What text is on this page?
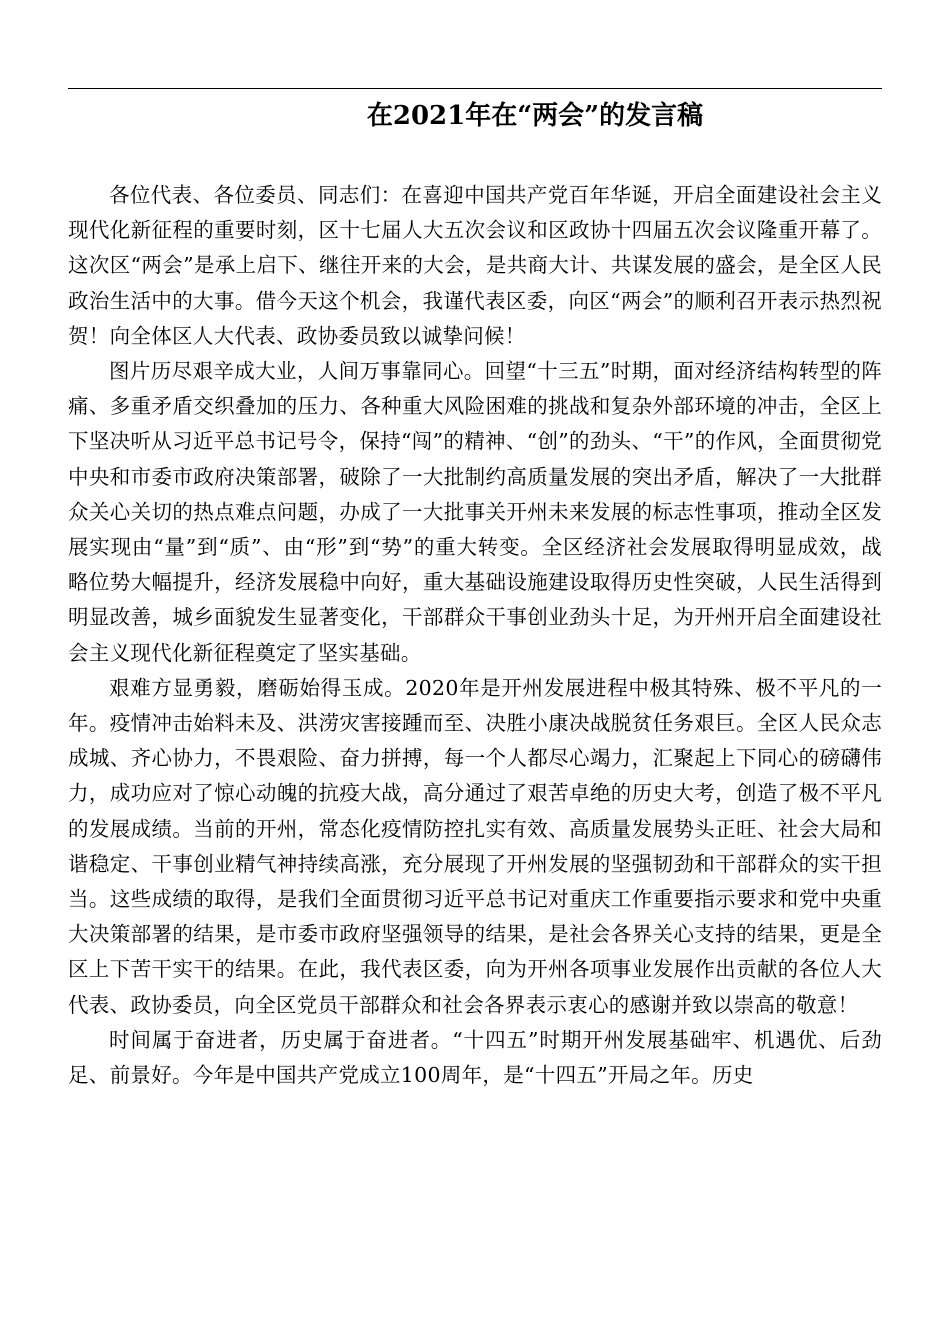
在2021年在“两会”的发言稿

各位代表、各位委员、同志们：在喜迎中国共产党百年华诞，开启全面建设社会主义现代化新征程的重要时刻，区十七届人大五次会议和区政协十四届五次会议隆重开幕了。这次区“两会”是承上启下、继往开来的大会，是共商大计、共谋发展的盛会，是全区人民政治生活中的大事。借今天这个机会，我谨代表区委，向区“两会”的顺利召开表示热烈祝贺！向全体区人大代表、政协委员致以诚挚问候！

图片历尽艰辛成大业，人间万事靠同心。回望“十三五”时期，面对经济结构转型的阵痛、多重矛盾交织叠加的压力、各种重大风险困难的挑战和复杂外部环境的冲击，全区上下坚决听从习近平总书记号令，保持“闯”的精神、“创”的劲头、“干”的作风，全面贯彻党中央和市委市政府决策部署，破除了一大批制约高质量发展的突出矛盾，解决了一大批群众关心关切的热点难点问题，办成了一大批事关开州未来发展的标志性事项，推动全区发展实现由“量”到“质”、由“形”到“势”的重大转变。全区经济社会发展取得明显成效，战略位势大幅提升，经济发展稳中向好，重大基础设施建设取得历史性突破，人民生活得到明显改善，城乡面貌发生显著变化，干部群众干事创业劲头十足，为开州开启全面建设社会主义现代化新征程奠定了坚实基础。

艰难方显勇毅，磨砺始得玉成。2020年是开州发展进程中极其特殊、极不平凡的一年。疫情冲击始料未及、洪涝灾害接踵而至、决胜小康决战脱贫任务艰巨。全区人民众志成城、齐心协力，不畏艰险、奋力拼搏，每一个人都尽心竭力，汇聚起上下同心的磅礴伟力，成功应对了惊心动魄的抗疫大战，高分通过了艰苦卓绝的历史大考，创造了极不平凡的发展成绩。当前的开州，常态化疫情防控扎实有效、高质量发展势头正旺、社会大局和谐稳定、干事创业精气神持续高涨，充分展现了开州发展的坚强韧劲和干部群众的实干担当。这些成绩的取得，是我们全面贯彻习近平总书记对重庆工作重要指示要求和党中央重大决策部署的结果，是市委市政府坚强领导的结果，是社会各界关心支持的结果，更是全区上下苦干实干的结果。在此，我代表区委，向为开州各项事业发展作出贡献的各位人大代表、政协委员，向全区党员干部群众和社会各界表示衷心的感谢并致以崇高的敬意！

时间属于奋进者，历史属于奋进者。“十四五”时期开州发展基础牢、机遇优、后劲足、前景好。今年是中国共产党成立100周年，是“十四五”开局之年。历史
